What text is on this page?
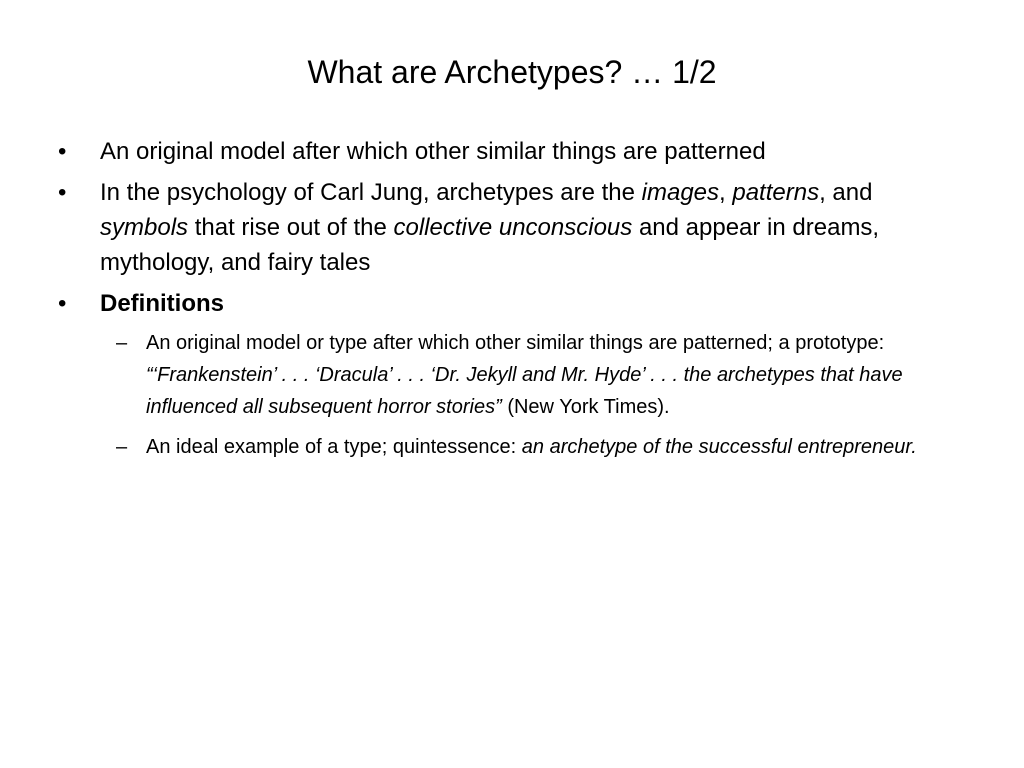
What are Archetypes? … 1/2
• An original model after which other similar things are patterned
• In the psychology of Carl Jung, archetypes are the images, patterns, and symbols that rise out of the collective unconscious and appear in dreams, mythology, and fairy tales
• Definitions
– An original model or type after which other similar things are patterned; a prototype: “‘Frankenstein’ . . . ‘Dracula’ . . . ‘Dr. Jekyll and Mr. Hyde’ . . . the archetypes that have influenced all subsequent horror stories” (New York Times).
– An ideal example of a type; quintessence: an archetype of the successful entrepreneur.
